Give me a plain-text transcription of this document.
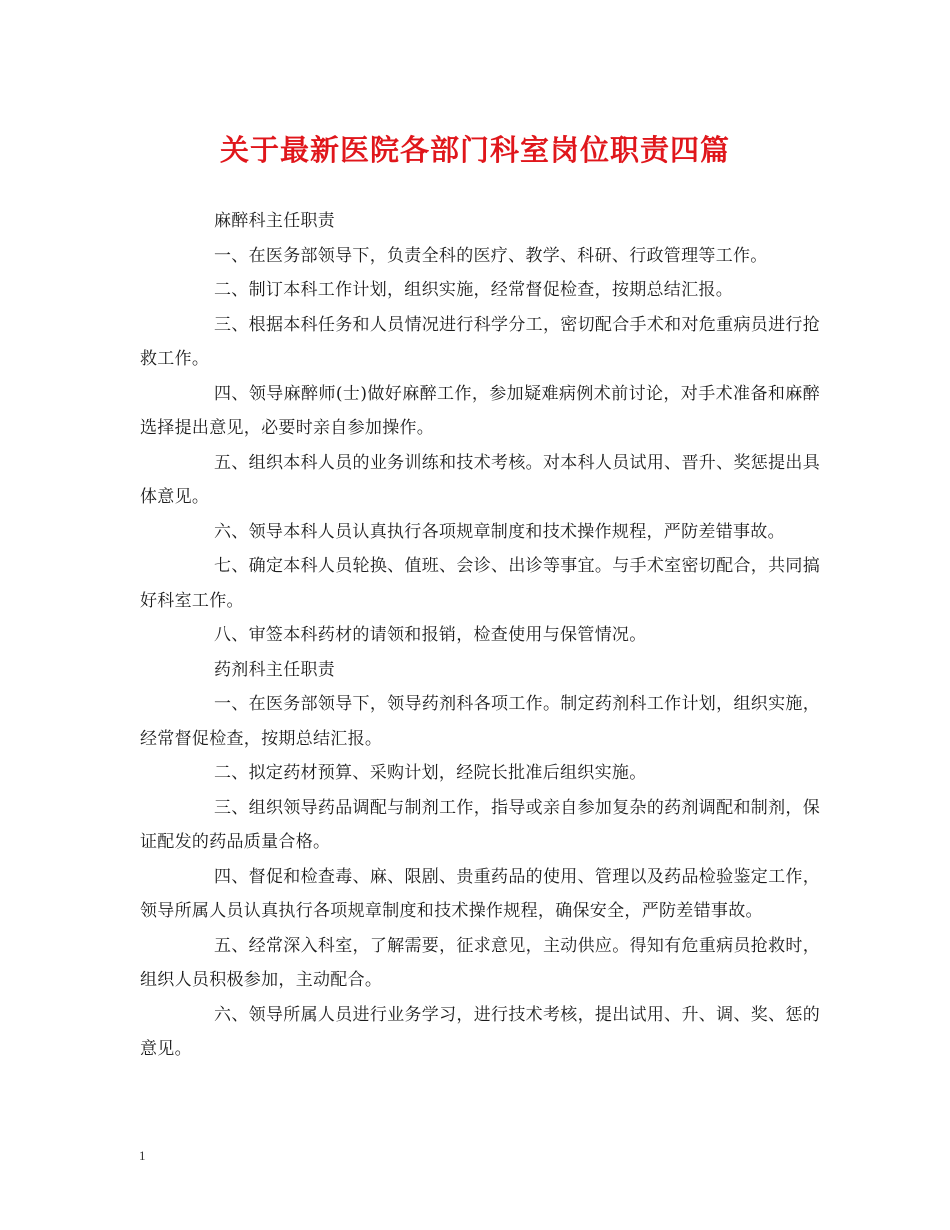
关于最新医院各部门科室岗位职责四篇

麻醉科主任职责

一、在医务部领导下，负责全科的医疗、教学、科研、行政管理等工作。

二、制订本科工作计划，组织实施，经常督促检查，按期总结汇报。

三、根据本科任务和人员情况进行科学分工，密切配合手术和对危重病员进行抢救工作。

四、领导麻醉师(士)做好麻醉工作，参加疑难病例术前讨论，对手术准备和麻醉选择提出意见，必要时亲自参加操作。

五、组织本科人员的业务训练和技术考核。对本科人员试用、晋升、奖惩提出具体意见。

六、领导本科人员认真执行各项规章制度和技术操作规程，严防差错事故。

七、确定本科人员轮换、值班、会诊、出诊等事宜。与手术室密切配合，共同搞好科室工作。

八、审签本科药材的请领和报销，检查使用与保管情况。

药剂科主任职责

一、在医务部领导下，领导药剂科各项工作。制定药剂科工作计划，组织实施，经常督促检查，按期总结汇报。

二、拟定药材预算、采购计划，经院长批准后组织实施。

三、组织领导药品调配与制剂工作，指导或亲自参加复杂的药剂调配和制剂，保证配发的药品质量合格。

四、督促和检查毒、麻、限剧、贵重药品的使用、管理以及药品检验鉴定工作，领导所属人员认真执行各项规章制度和技术操作规程，确保安全，严防差错事故。

五、经常深入科室，了解需要，征求意见，主动供应。得知有危重病员抢救时，组织人员积极参加，主动配合。

六、领导所属人员进行业务学习，进行技术考核，提出试用、升、调、奖、惩的意见。

1
